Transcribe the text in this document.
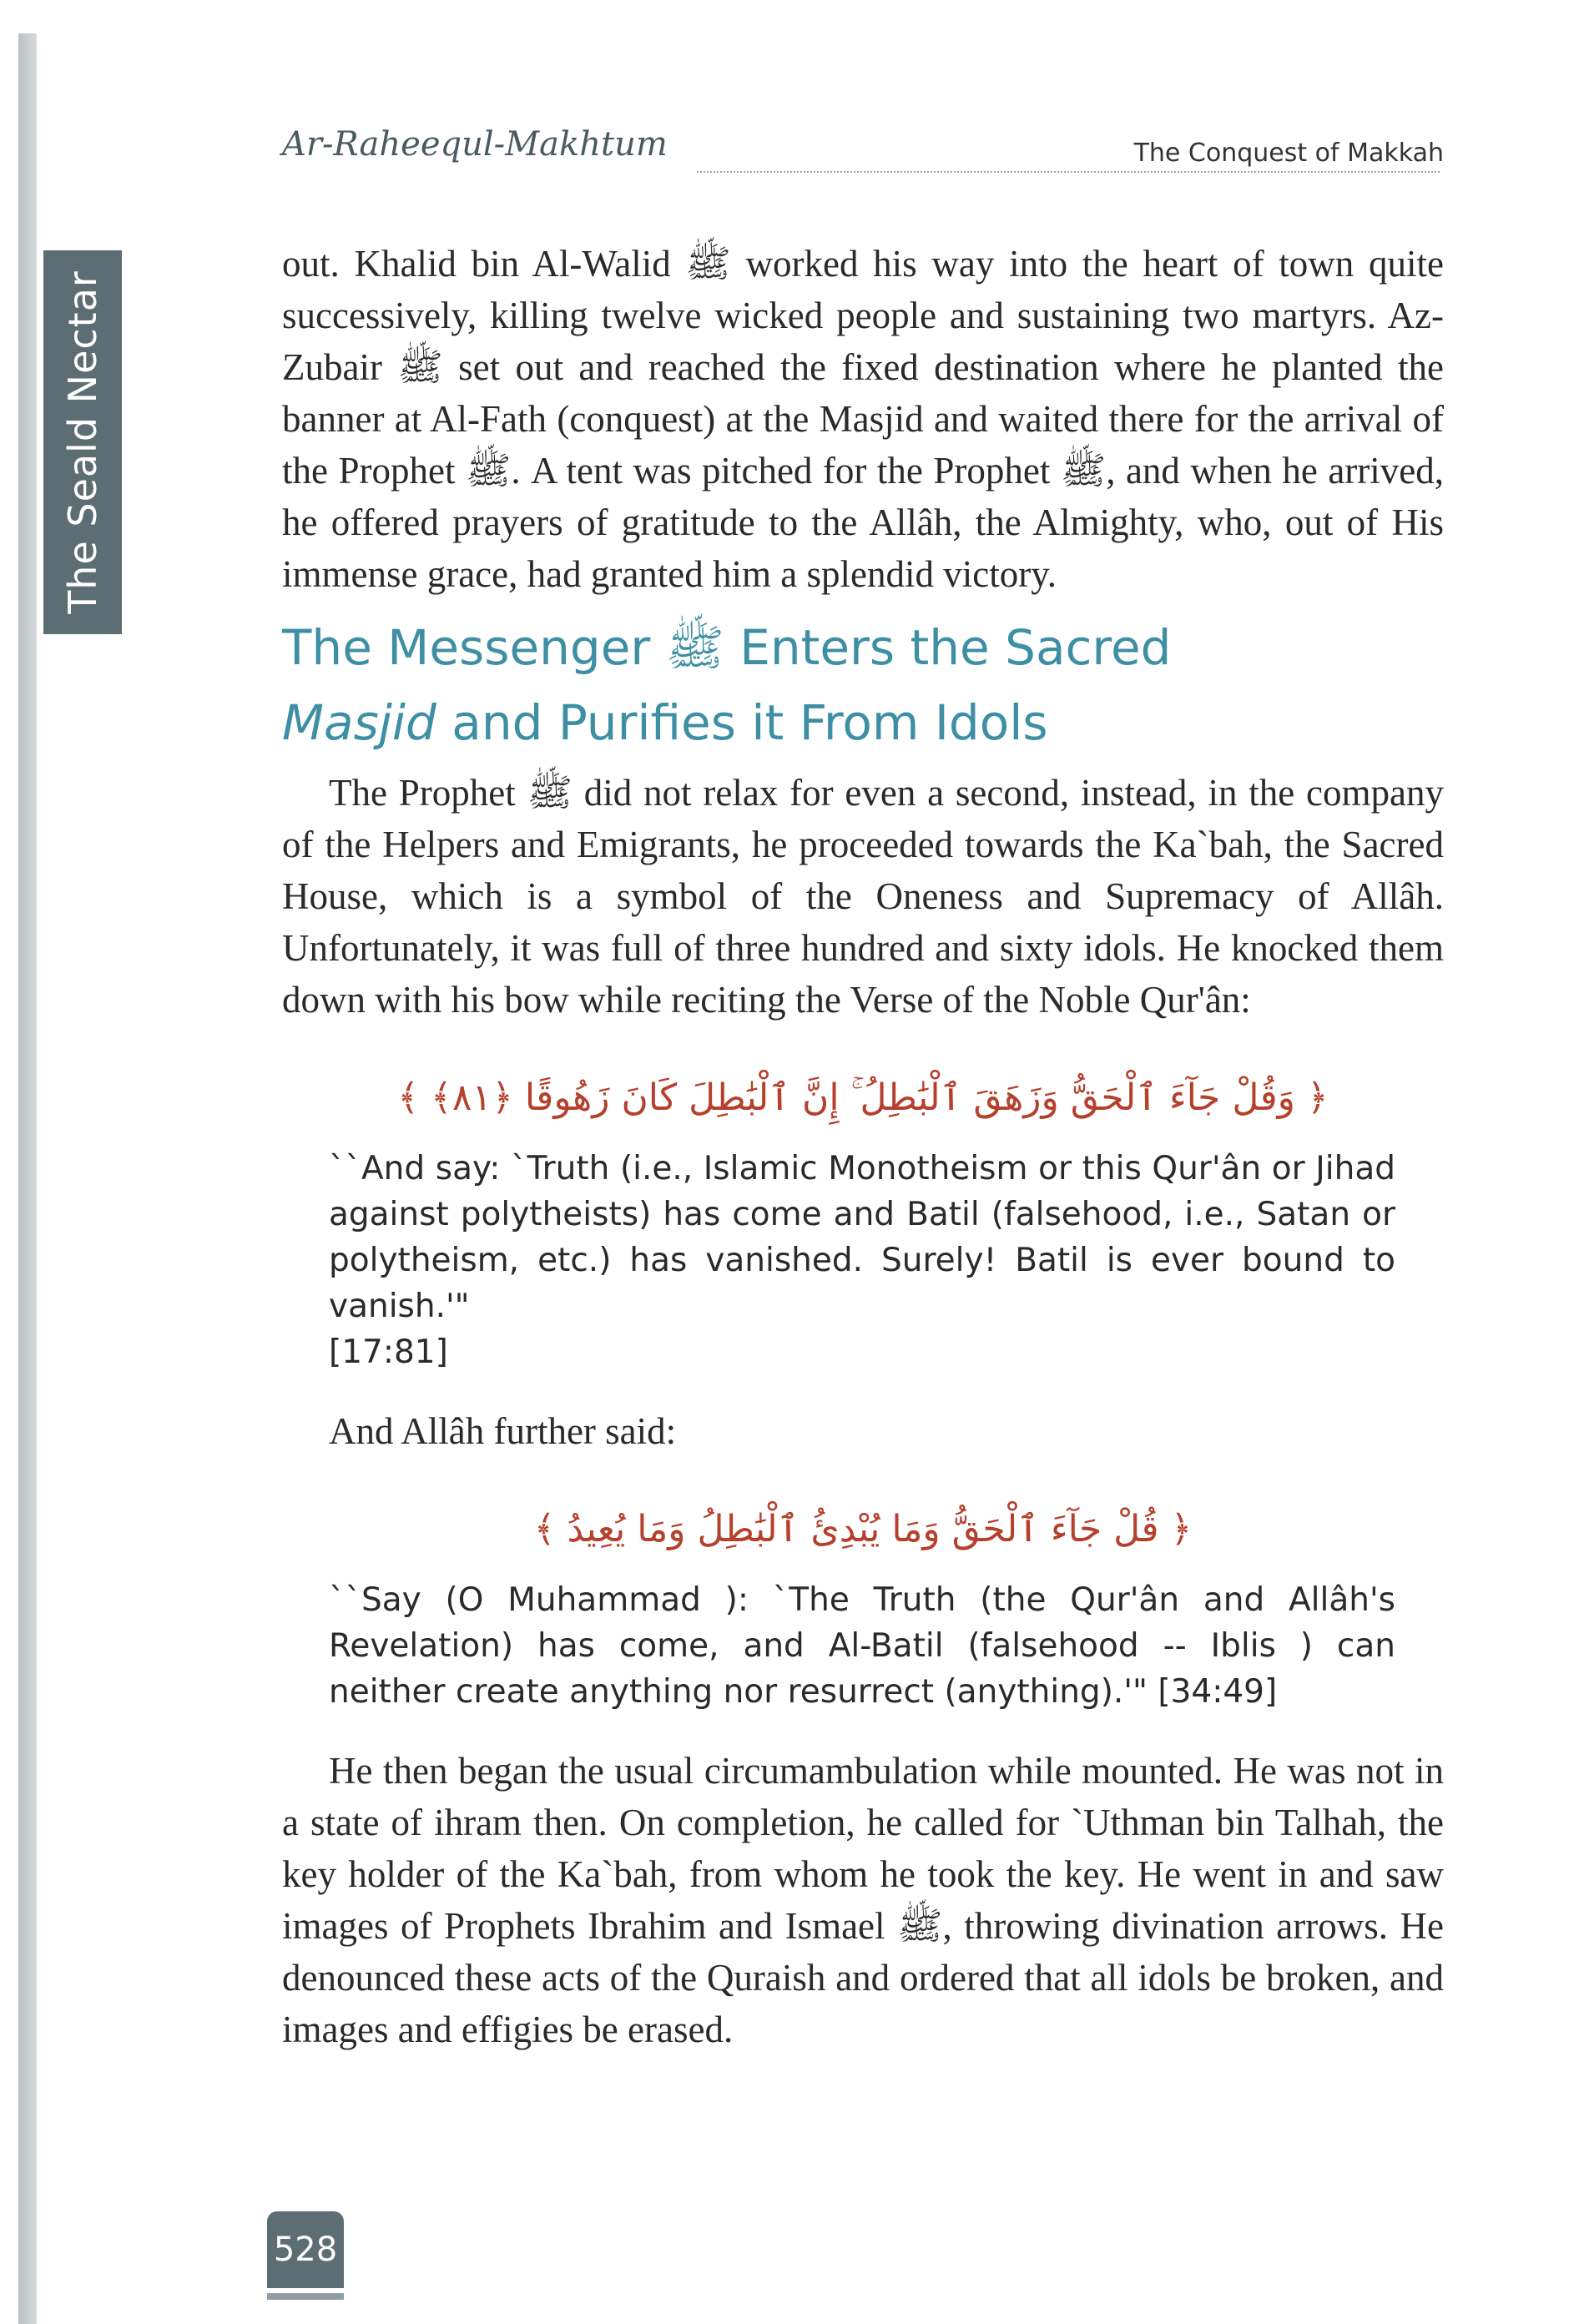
The Seald Nectar
Ar-Raheequl-Makhtum	The Conquest of Makkah

out. Khalid bin Al-Walid ﷺ worked his way into the heart of town quite successively, killing twelve wicked people and sustaining two martyrs. Az-Zubair ﷺ set out and reached the fixed destination where he planted the banner at Al-Fath (conquest) at the Masjid and waited there for the arrival of the Prophet ﷺ. A tent was pitched for the Prophet ﷺ, and when he arrived, he offered prayers of gratitude to the Allâh, the Almighty, who, out of His immense grace, had granted him a splendid victory.

The Messenger ﷺ Enters the Sacred
Masjid and Purifies it From Idols

The Prophet ﷺ did not relax for even a second, instead, in the company of the Helpers and Emigrants, he proceeded towards the Ka`bah, the Sacred House, which is a symbol of the Oneness and Supremacy of Allâh. Unfortunately, it was full of three hundred and sixty idols. He knocked them down with his bow while reciting the Verse of the Noble Qur'ân:

﴿ وَقُلْ جَآءَ ٱلْحَقُّ وَزَهَقَ ٱلْبَٰطِلُ ۚ إِنَّ ٱلْبَٰطِلَ كَانَ زَهُوقًا ﴿٨١﴾ ﴾

``And say: `Truth (i.e., Islamic Monotheism or this Qur'ân or Jihad against polytheists) has come and Batil (falsehood, i.e., Satan or polytheism, etc.) has vanished. Surely! Batil is ever bound to vanish.'"

[17:81]

And Allâh further said:

﴿ قُلْ جَآءَ ٱلْحَقُّ وَمَا يُبْدِئُ ٱلْبَٰطِلُ وَمَا يُعِيدُ ﴾

``Say (O Muhammad ): `The Truth (the Qur'ân and Allâh's Revelation) has come, and Al-Batil (falsehood -- Iblis ) can neither create anything nor resurrect (anything).'" [34:49]

He then began the usual circumambulation while mounted. He was not in a state of ihram then. On completion, he called for `Uthman bin Talhah, the key holder of the Ka`bah, from whom he took the key. He went in and saw images of Prophets Ibrahim and Ismael ﷺ, throwing divination arrows. He denounced these acts of the Quraish and ordered that all idols be broken, and images and effigies be erased.

528
